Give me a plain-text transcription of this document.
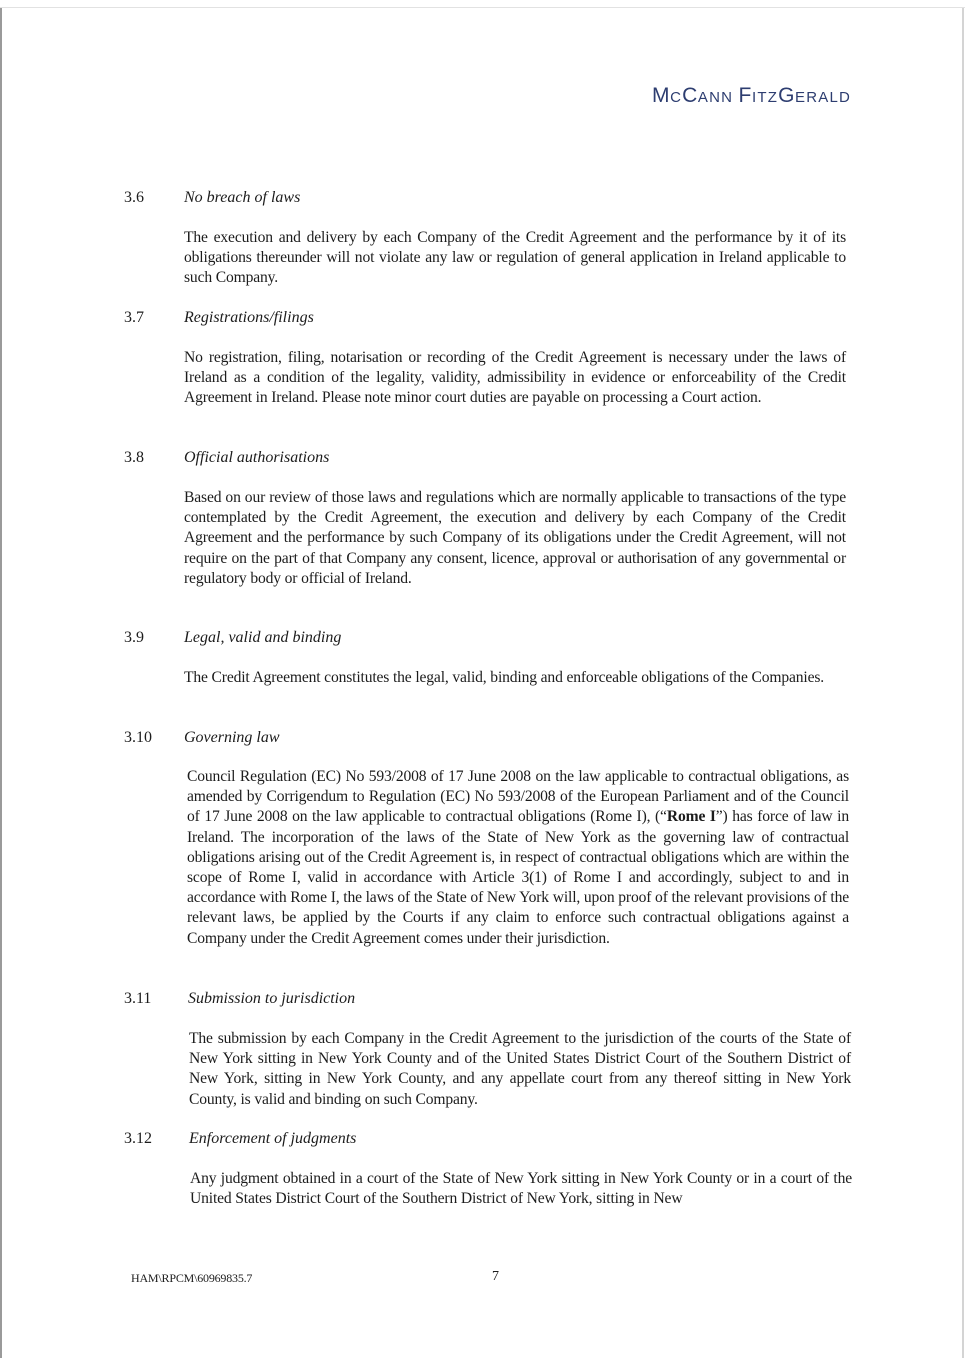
MCCANN FITZGERALD
3.6	No breach of laws
The execution and delivery by each Company of the Credit Agreement and the performance by it of its obligations thereunder will not violate any law or regulation of general application in Ireland applicable to such Company.
3.7	Registrations/filings
No registration, filing, notarisation or recording of the Credit Agreement is necessary under the laws of Ireland as a condition of the legality, validity, admissibility in evidence or enforceability of the Credit Agreement in Ireland. Please note minor court duties are payable on processing a Court action.
3.8	Official authorisations
Based on our review of those laws and regulations which are normally applicable to transactions of the type contemplated by the Credit Agreement, the execution and delivery by each Company of the Credit Agreement and the performance by such Company of its obligations under the Credit Agreement, will not require on the part of that Company any consent, licence, approval or authorisation of any governmental or regulatory body or official of Ireland.
3.9	Legal, valid and binding
The Credit Agreement constitutes the legal, valid, binding and enforceable obligations of the Companies.
3.10 Governing law
Council Regulation (EC) No 593/2008 of 17 June 2008 on the law applicable to contractual obligations, as amended by Corrigendum to Regulation (EC) No 593/2008 of the European Parliament and of the Council of 17 June 2008 on the law applicable to contractual obligations (Rome I), (“Rome I”) has force of law in Ireland. The incorporation of the laws of the State of New York as the governing law of contractual obligations arising out of the Credit Agreement is, in respect of contractual obligations which are within the scope of Rome I, valid in accordance with Article 3(1) of Rome I and accordingly, subject to and in accordance with Rome I, the laws of the State of New York will, upon proof of the relevant provisions of the relevant laws, be applied by the Courts if any claim to enforce such contractual obligations against a Company under the Credit Agreement comes under their jurisdiction.
3.11 Submission to jurisdiction
The submission by each Company in the Credit Agreement to the jurisdiction of the courts of the State of New York sitting in New York County and of the United States District Court of the Southern District of New York, sitting in New York County, and any appellate court from any thereof sitting in New York County, is valid and binding on such Company.
3.12 Enforcement of judgments
Any judgment obtained in a court of the State of New York sitting in New York County or in a court of the United States District Court of the Southern District of New York, sitting in New
HAM\RPCM\60969835.7	7
